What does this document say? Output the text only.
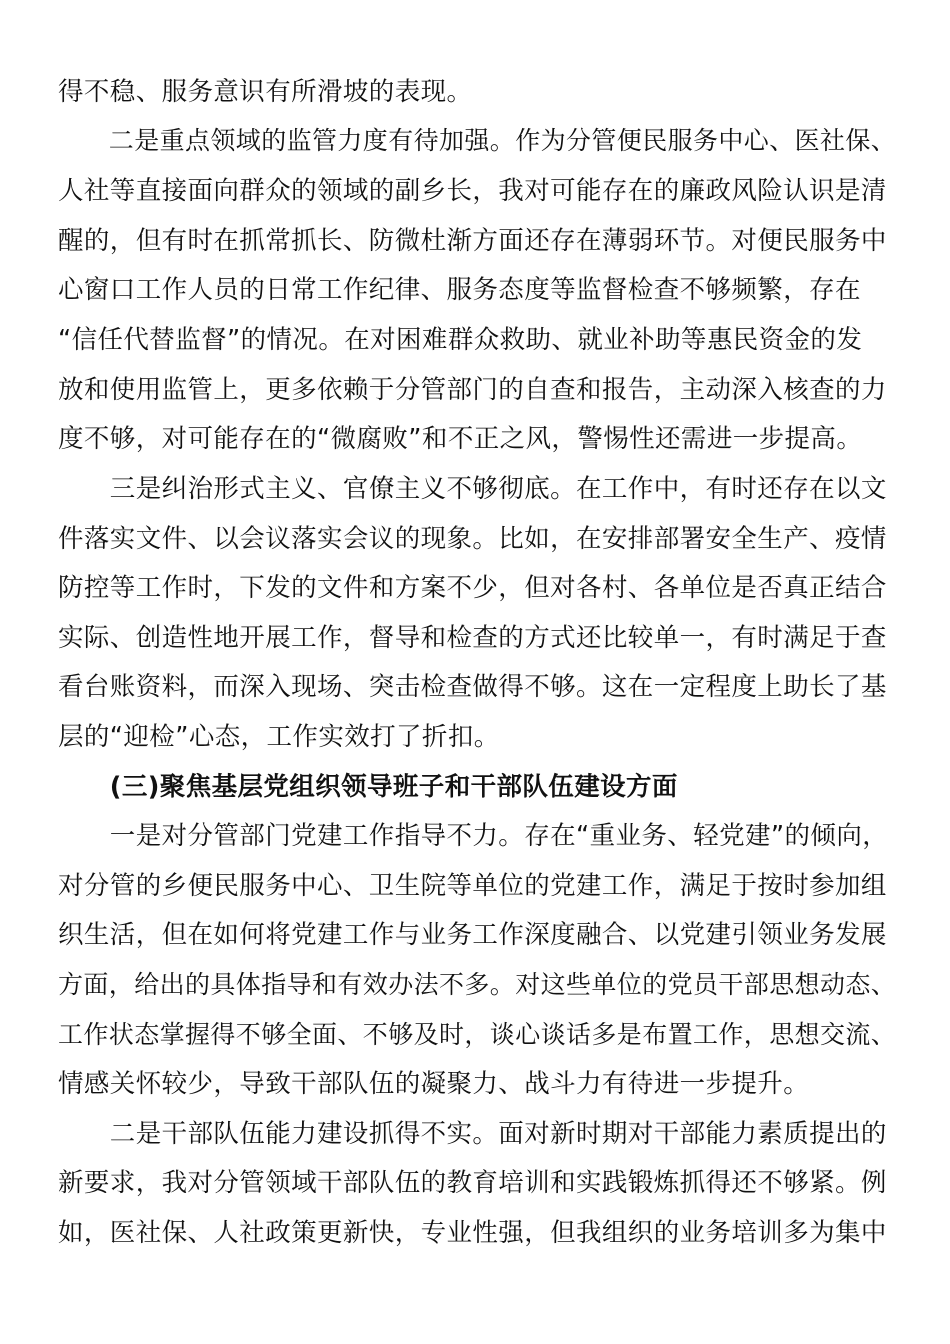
得不稳、服务意识有所滑坡的表现。

　　二是重点领域的监管力度有待加强。作为分管便民服务中心、医社保、

人社等直接面向群众的领域的副乡长，我对可能存在的廉政风险认识是清

醒的，但有时在抓常抓长、防微杜渐方面还存在薄弱环节。对便民服务中

心窗口工作人员的日常工作纪律、服务态度等监督检查不够频繁，存在

“信任代替监督”的情况。在对困难群众救助、就业补助等惠民资金的发

放和使用监管上，更多依赖于分管部门的自查和报告，主动深入核查的力

度不够，对可能存在的“微腐败”和不正之风，警惕性还需进一步提高。

　　三是纠治形式主义、官僚主义不够彻底。在工作中，有时还存在以文

件落实文件、以会议落实会议的现象。比如，在安排部署安全生产、疫情

防控等工作时，下发的文件和方案不少，但对各村、各单位是否真正结合

实际、创造性地开展工作，督导和检查的方式还比较单一，有时满足于查

看台账资料，而深入现场、突击检查做得不够。这在一定程度上助长了基

层的“迎检”心态，工作实效打了折扣。

　　(三)聚焦基层党组织领导班子和干部队伍建设方面

　　一是对分管部门党建工作指导不力。存在“重业务、轻党建”的倾向，

对分管的乡便民服务中心、卫生院等单位的党建工作，满足于按时参加组

织生活，但在如何将党建工作与业务工作深度融合、以党建引领业务发展

方面，给出的具体指导和有效办法不多。对这些单位的党员干部思想动态、

工作状态掌握得不够全面、不够及时，谈心谈话多是布置工作，思想交流、

情感关怀较少，导致干部队伍的凝聚力、战斗力有待进一步提升。

　　二是干部队伍能力建设抓得不实。面对新时期对干部能力素质提出的

新要求，我对分管领域干部队伍的教育培训和实践锻炼抓得还不够紧。例

如，医社保、人社政策更新快，专业性强，但我组织的业务培训多为集中
